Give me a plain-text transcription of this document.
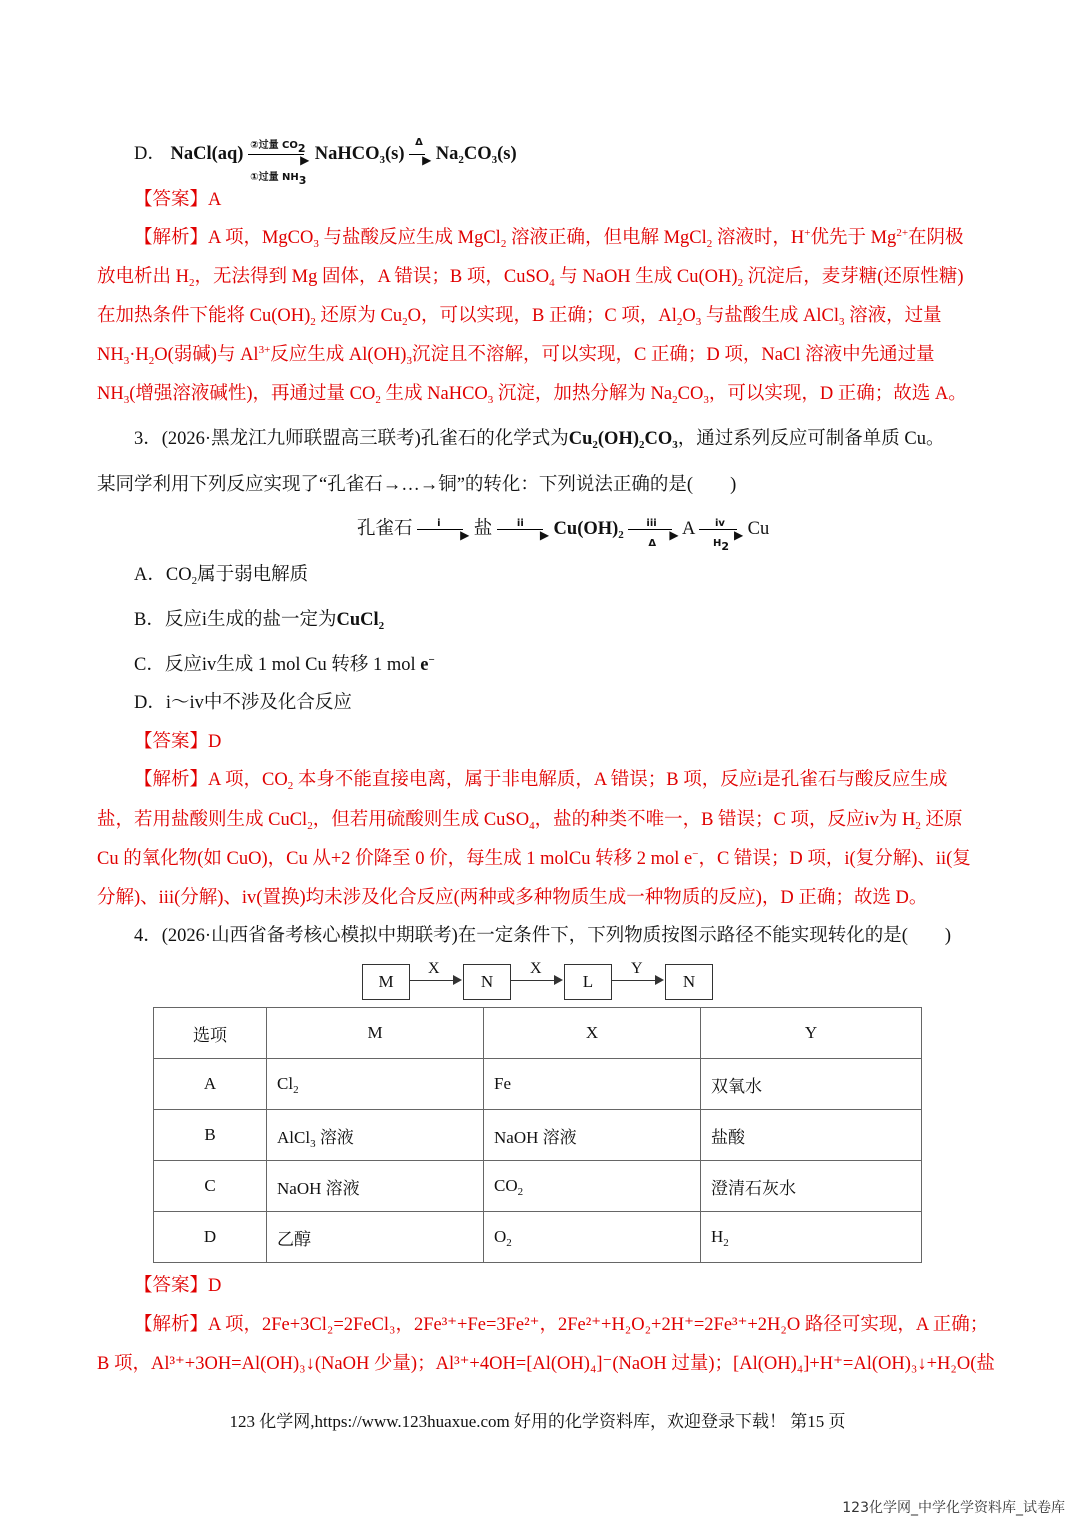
D． NaCl(aq) ②过量 $CO_2$
▶
①过量 $NH_3$
NaHCO$_3$(s)
Δ
▶ $Na_2CO_3(s)$
【答案】A
【解析】A 项，MgCO$_3$ 与盐酸反应生成 MgCl$_2$ 溶液正确，但电解 MgCl$_2$ 溶液时，H+优先于 $Mg^{2+}$在阴极
放电析出 $H_2$，无法得到 Mg 固体，A 错误；B 项，CuSO$_4$ 与 NaOH 生成 $Cu(OH)_2$ 沉淀后，麦芽糖(还原性糖)
在加热条件下能将 $Cu(OH)_2$ 还原为 $Cu_2O$，可以实现，B 正确；C 项，$Al_2O_3$ 与盐酸生成 AlCl$_3$ 溶液，过量
$NH_3\cdot H_2O$(弱碱)与 $Al^{3+}$反应生成 $Al(OH)_3$沉淀且不溶解，可以实现，C 正确；D 项，NaCl 溶液中先通过量
$NH_3$(增强溶液碱性)，再通过量 $CO_2$ 生成 NaHCO$_3$ 沉淀，加热分解为 $Na_2CO_3$，可以实现，D 正确；故选 A。
3．(2026·黑龙江九师联盟高三联考)孔雀石的化学式为$Cu_2(OH)_2CO_3$，通过系列反应可制备单质 Cu。
某同学利用下列反应实现了“孔雀石→…→铜”的转化：下列说法正确的是(　　)
孔雀石 i
▶ 盐 ii
▶ $Cu(OH)_2$
iii
▶
Δ
A iv
▶
$H_2$
Cu
A．$CO_2$属于弱电解质
B．反应i生成的盐一定为CuCl$_2$
C．反应iv生成 1 mol Cu 转移 1 mol e−
D．i～iv中不涉及化合反应
【答案】D
【解析】A 项，$CO_2$ 本身不能直接电离，属于非电解质，A 错误；B 项，反应i是孔雀石与酸反应生成
盐，若用盐酸则生成 CuCl$_2$，但若用硫酸则生成 CuSO$_4$，盐的种类不唯一，B 错误；C 项，反应iv为 $H_2$ 还原
Cu 的氧化物(如 CuO)，Cu 从+2 价降至 0 价，每生成 1 molCu 转移 2 mol e−，C 错误；D 项，i(复分解)、ii(复
分解)、iii(分解)、iv(置换)均未涉及化合反应(两种或多种物质生成一种物质的反应)，D 正确；故选 D。
4．(2026·山西省备考核心模拟中期联考)在一定条件下，下列物质按图示路径不能实现转化的是(　　)
M
X
N
X
L
Y
N
选项	M	X	Y
A	$Cl_2$	Fe	双氧水
B	AlCl$_3$ 溶液	NaOH 溶液	盐酸
C	NaOH 溶液	$CO_2$	澄清石灰水
D	乙醇	$O_2$	$H_2$
【答案】D
【解析】A 项，2Fe+3Cl₂=2FeCl₃，2Fe³⁺+Fe=3Fe²⁺，2Fe²⁺+H₂O₂+2H⁺=2Fe³⁺+2H₂O 路径可实现，A 正确；
B 项，Al³⁺+3OH=Al(OH)₃↓(NaOH 少量)；Al³⁺+4OH=[Al(OH)₄]⁻(NaOH 过量)；[Al(OH)₄]+H⁺=Al(OH)₃↓+H₂O(盐
123 化学网,https://www.123huaxue.com 好用的化学资料库，欢迎登录下载！ 第15 页
123化学网_中学化学资料库_试卷库
